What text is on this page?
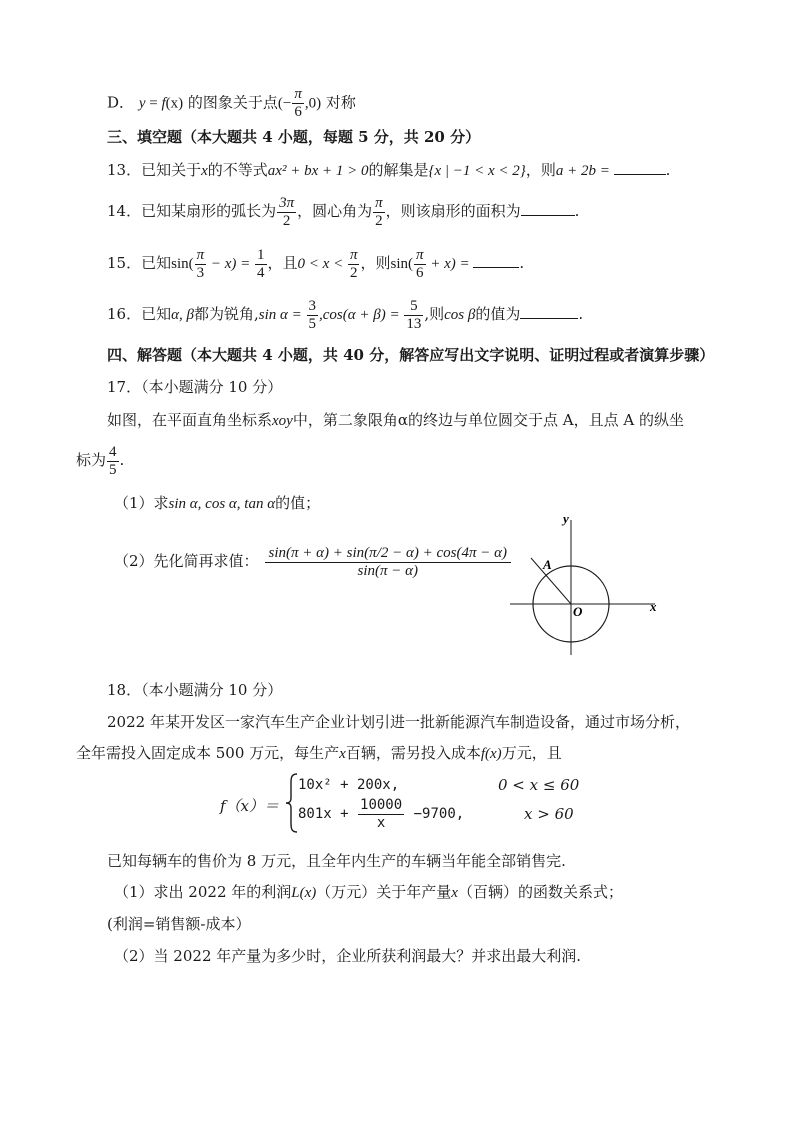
D． y = f(x) 的图象关于点(− $\frac{\pi}{6} ,0$) 对称
三、填空题（本大题共 4 小题，每题 5 分，共 20 分）
13．已知关于x的不等式ax² + bx + 1 > 0的解集是{x | −1 < x < 2}，则a + 2b =	.
14．已知某扇形的弧长为 $\frac{3\pi}{2}$ ，圆心角为 $\frac{\pi}{2}$ ，则该扇形的面积为	.
15．已知$\sin( \frac{\pi}{3} - x) = \frac{1}{4}$ ，且$0 < x < \frac{\pi}{2}$ ，则$\sin( \frac{\pi}{6} + x)$ =	.
16．已知α, β都为锐角,sin $\alpha = \frac{3}{5} ,\cos(\alpha + \beta) = \frac{5}{13}$ ,则cos β的值为	.
四、解答题（本大题共 4 小题，共 40 分，解答应写出文字说明、证明过程或者演算步骤）
17．（本小题满分 10 分）
如图，在平面直角坐标系xoy中，第二象限角α的终边与单位圆交于点 A，且点 A 的纵坐
标为 $\frac{4}{5}$ .
（1）求sin α, cos α, tan α的值；
（2）先化简再求值： $\frac{\sin(\pi + \alpha) + \sin(\pi/2 - \alpha) + \cos(4\pi - \alpha)}{\sin(\pi - \alpha)}$
y
x
O
A
18．（本小题满分 10 分）
2022 年某开发区一家汽车生产企业计划引进一批新能源汽车制造设备，通过市场分析，
全年需投入固定成本 500 万元，每生产x百辆，需另投入成本f(x)万元，且
f（x）＝
10x² + 200x,	0 < x ≤ 60
$801x + \frac{10000}{x} -9700$,	x > 60
已知每辆车的售价为 8 万元，且全年内生产的车辆当年能全部销售完.
（1）求出 2022 年的利润L(x)（万元）关于年产量x（百辆）的函数关系式；
(利润=销售额-成本）
（2）当 2022 年产量为多少时，企业所获利润最大？并求出最大利润.
